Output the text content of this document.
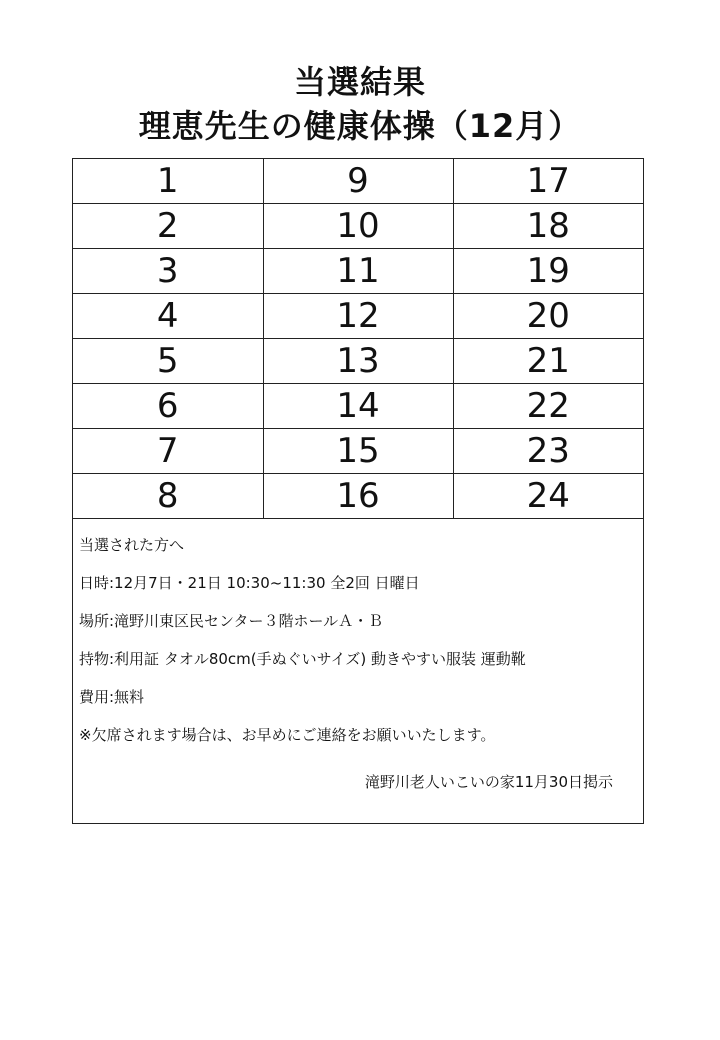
当選結果
理恵先生の健康体操（12月）
1	9	17
2	10	18
3	11	19
4	12	20
5	13	21
6	14	22
7	15	23
8	16	24
当選された方へ
日時:12月7日・21日 10:30~11:30 全2回 日曜日
場所:滝野川東区民センター３階ホールＡ・Ｂ
持物:利用証 タオル80cm(手ぬぐいサイズ) 動きやすい服装 運動靴
費用:無料
※欠席されます場合は、お早めにご連絡をお願いいたします。
滝野川老人いこいの家11月30日掲示
